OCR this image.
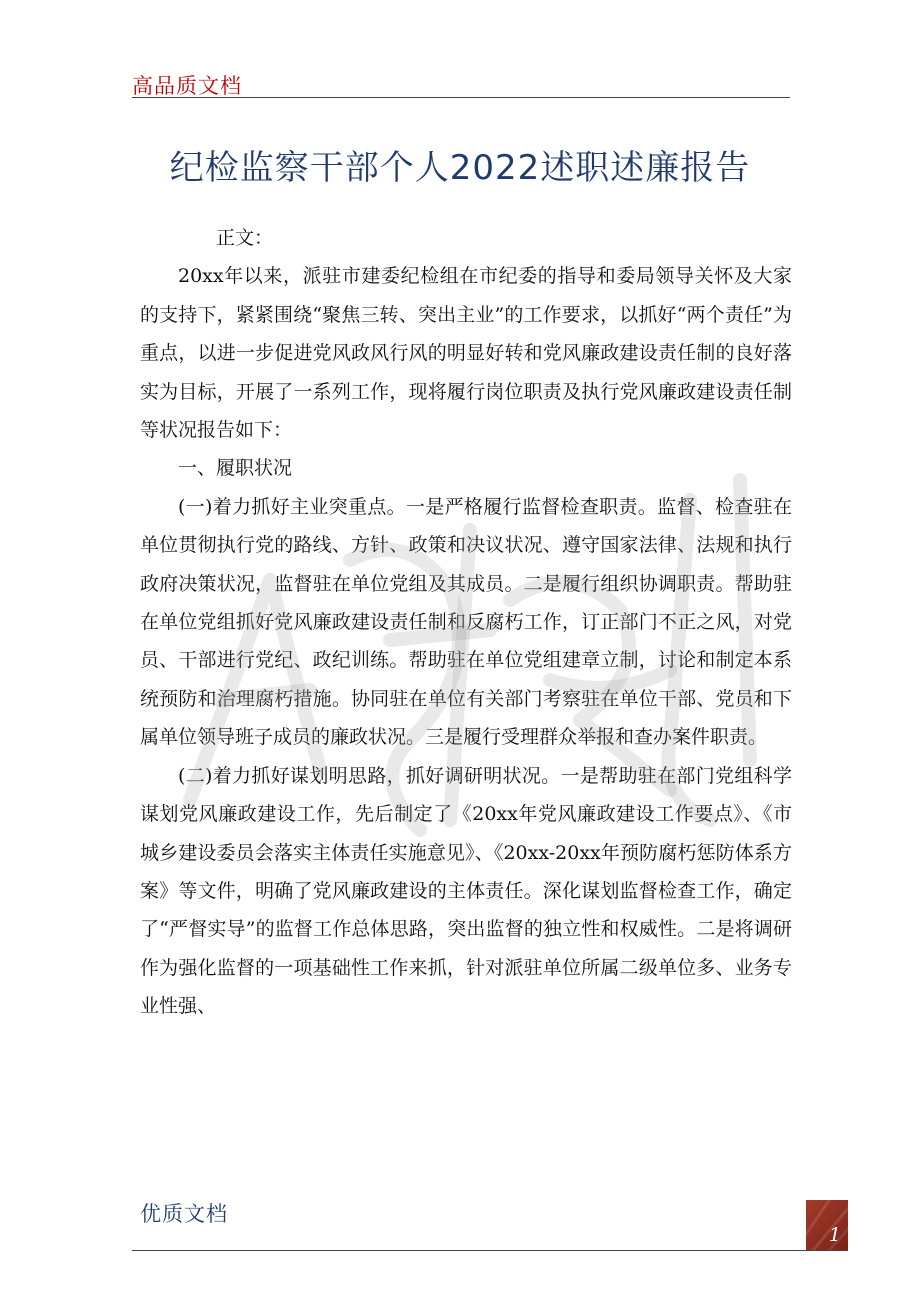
高品质文档
纪检监察干部个人2022述职述廉报告

正文：

20xx年以来，派驻市建委纪检组在市纪委的指导和委局领导关怀及大家的支持下，紧紧围绕“聚焦三转、突出主业”的工作要求，以抓好“两个责任”为重点，以进一步促进党风政风行风的明显好转和党风廉政建设责任制的良好落实为目标，开展了一系列工作，现将履行岗位职责及执行党风廉政建设责任制等状况报告如下：

一、履职状况

(一)着力抓好主业突重点。一是严格履行监督检查职责。监督、检查驻在单位贯彻执行党的路线、方针、政策和决议状况、遵守国家法律、法规和执行政府决策状况，监督驻在单位党组及其成员。二是履行组织协调职责。帮助驻在单位党组抓好党风廉政建设责任制和反腐朽工作，订正部门不正之风，对党员、干部进行党纪、政纪训练。帮助驻在单位党组建章立制，讨论和制定本系统预防和治理腐朽措施。协同驻在单位有关部门考察驻在单位干部、党员和下属单位领导班子成员的廉政状况。三是履行受理群众举报和查办案件职责。

(二)着力抓好谋划明思路，抓好调研明状况。一是帮助驻在部门党组科学谋划党风廉政建设工作，先后制定了《20xx年党风廉政建设工作要点》、《市城乡建设委员会落实主体责任实施意见》、《20xx-20xx年预防腐朽惩防体系方案》等文件，明确了党风廉政建设的主体责任。深化谋划监督检查工作，确定了“严督实导”的监督工作总体思路，突出监督的独立性和权威性。二是将调研作为强化监督的一项基础性工作来抓，针对派驻单位所属二级单位多、业务专业性强、

优质文档
1
